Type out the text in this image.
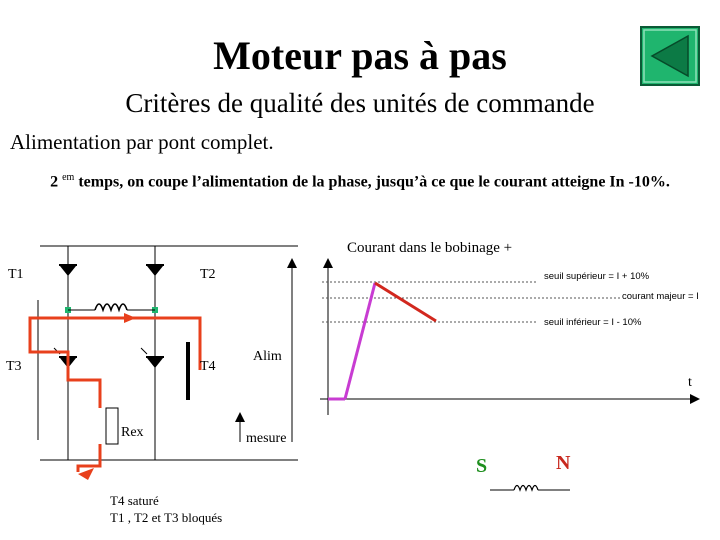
Moteur pas à pas
Critères de qualité des unités de commande
Alimentation par pont complet.
2 $^{em}$ temps, on coupe l’alimentation de la phase, jusqu’à ce que le courant atteigne In -10%.
T1	T2
T3	T4
Alim
Rex	mesure
T4 saturé
T1 , T2 et T3 bloqués
Courant dans le bobinage +
t
seuil supérieur = I + 10%
courant majeur = I
seuil inférieur = I - 10%
S	N
